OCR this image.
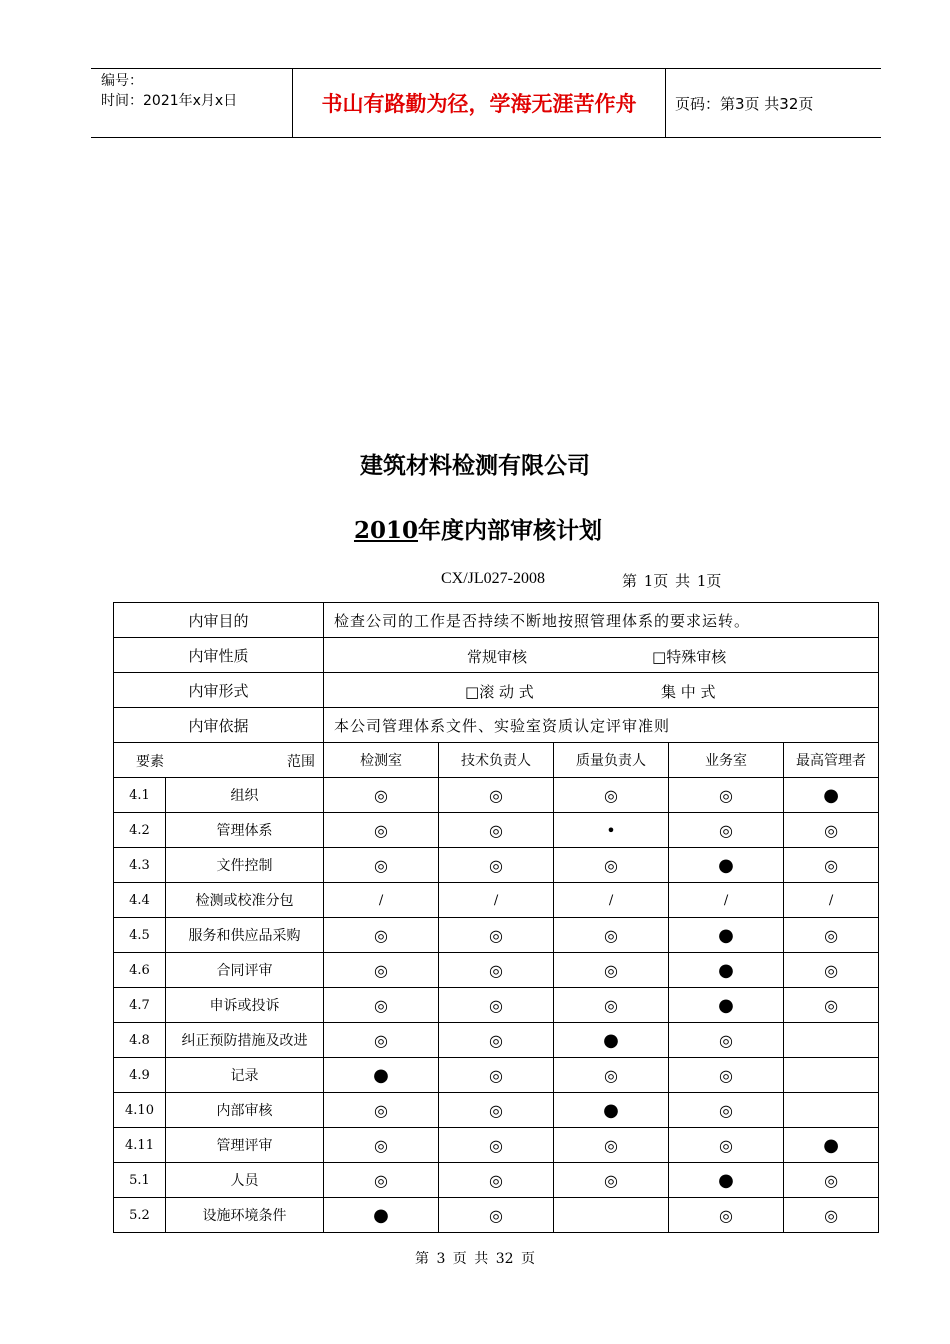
编号：
时间：2021年x月x日	书山有路勤为径，学海无涯苦作舟	页码：第3页 共32页
建筑材料检测有限公司
2010年度内部审核计划
CX/JL027-2008	第 1页 共 1页
内审目的		检查公司的工作是否持续不断地按照管理体系的要求运转。				
内审性质		常规审核 □特殊审核				

内审形式		□滚 动 式 集 中 式				

内审依据		本公司管理体系文件、实验室资质认定评审准则				

要素 范围		检测室	技术负责人	质量负责人	业务室	最高管理者
4.1	组织	◎	◎	◎	◎	●
4.2	管理体系	◎	◎	•	◎	◎
4.3	文件控制	◎	◎	◎	●	◎
4.4	检测或校准分包	/	/	/	/	/
4.5	服务和供应品采购	◎	◎	◎	●	◎
4.6	合同评审	◎	◎	◎	●	◎
4.7	申诉或投诉	◎	◎	◎	●	◎
4.8	纠正预防措施及改进	◎	◎	●	◎	
4.9	记录	●	◎	◎	◎	
4.10	内部审核	◎	◎	●	◎	
4.11	管理评审	◎	◎	◎	◎	●
5.1	人员	◎	◎	◎	●	◎
5.2	设施环境条件	●	◎		◎	◎
第 3 页 共 32 页
